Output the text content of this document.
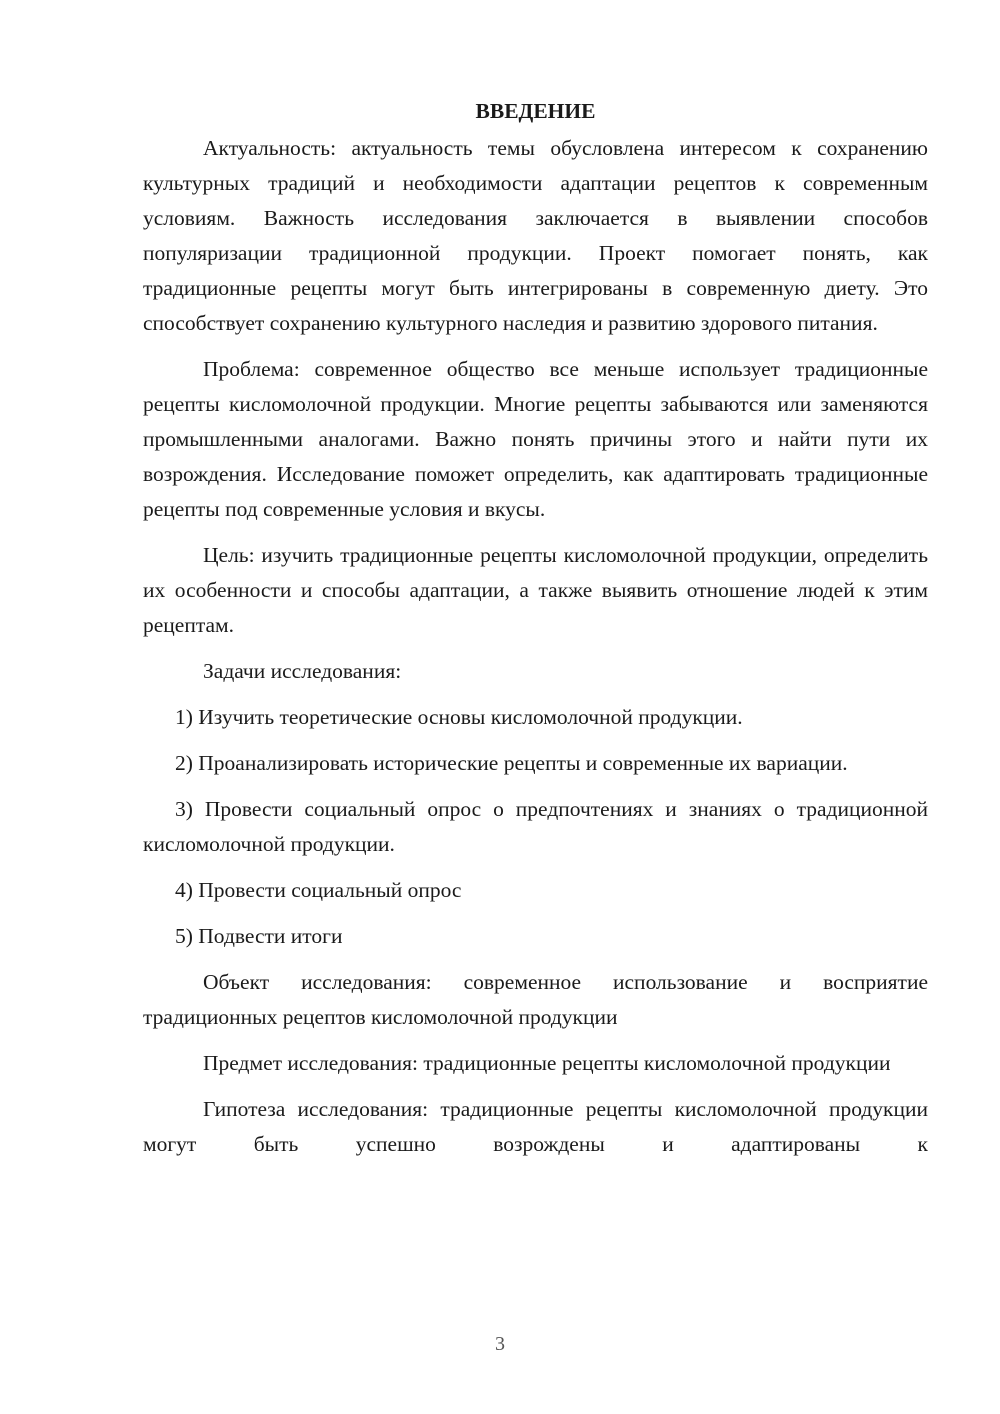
ВВЕДЕНИЕ

Актуальность: актуальность темы обусловлена интересом к сохранению культурных традиций и необходимости адаптации рецептов к современным условиям. Важность исследования заключается в выявлении способов популяризации традиционной продукции. Проект помогает понять, как традиционные рецепты могут быть интегрированы в современную диету. Это способствует сохранению культурного наследия и развитию здорового питания.

Проблема: современное общество все меньше использует традиционные рецепты кисломолочной продукции. Многие рецепты забываются или заменяются промышленными аналогами. Важно понять причины этого и найти пути их возрождения. Исследование поможет определить, как адаптировать традиционные рецепты под современные условия и вкусы.

Цель: изучить традиционные рецепты кисломолочной продукции, определить их особенности и способы адаптации, а также выявить отношение людей к этим рецептам.

Задачи исследования:

1) Изучить теоретические основы кисломолочной продукции.

2) Проанализировать исторические рецепты и современные их вариации.

3) Провести социальный опрос о предпочтениях и знаниях о традиционной кисломолочной продукции.

4) Провести социальный опрос

5) Подвести итоги

Объект исследования: современное использование и восприятие традиционных рецептов кисломолочной продукции

Предмет исследования: традиционные рецепты кисломолочной продукции

Гипотеза исследования: традиционные рецепты кисломолочной продукции могут быть успешно возрождены и адаптированы к

3
